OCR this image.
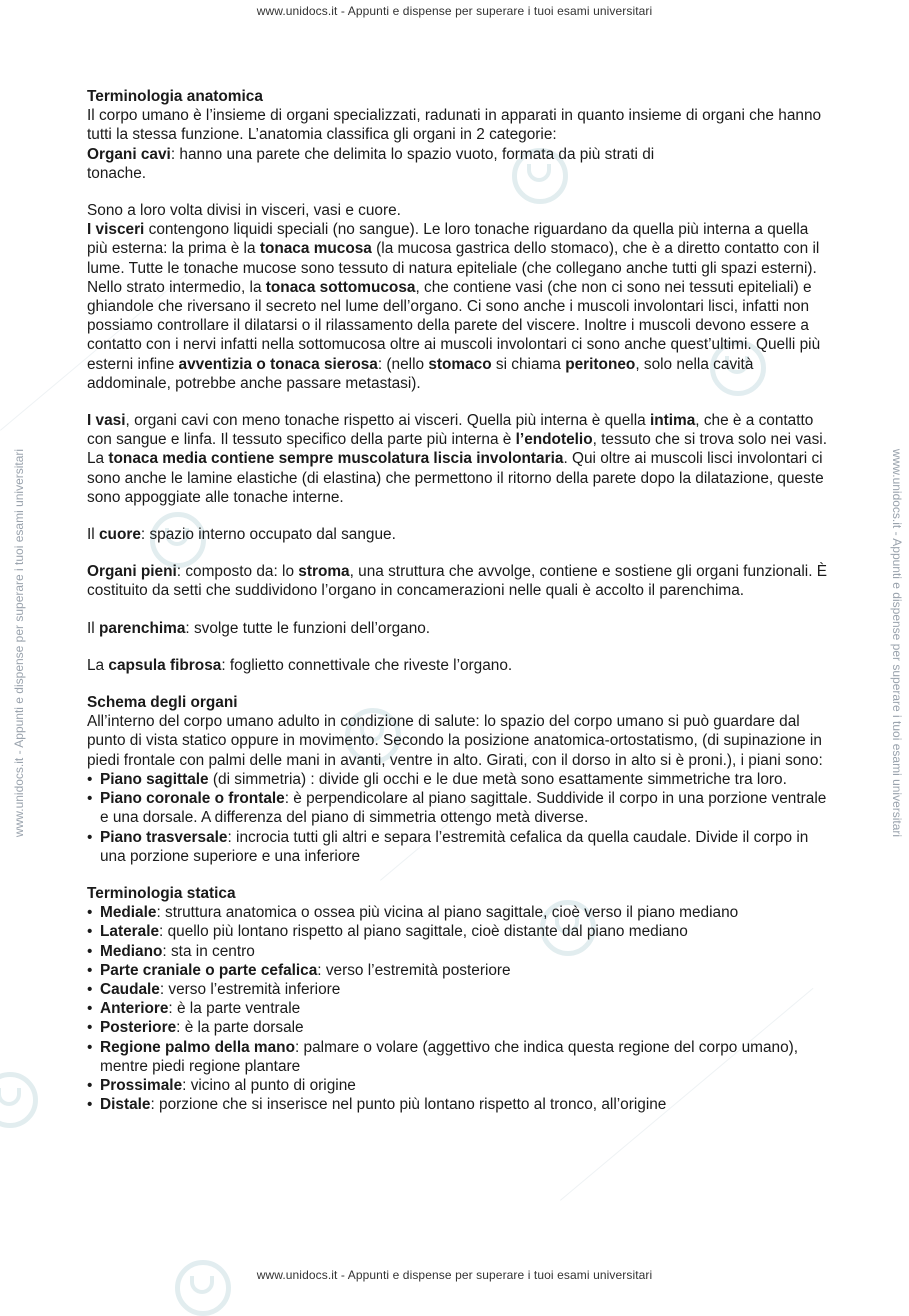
www.unidocs.it - Appunti e dispense per superare i tuoi esami universitari
www.unidocs.it - Appunti e dispense per superare i tuoi esami universitari
www.unidocs.it - Appunti e dispense per superare i tuoi esami universitari	www.unidocs.it - Appunti e dispense per superare i tuoi esami universitari
Terminologia anatomica
Il corpo umano è l’insieme di organi specializzati, radunati in apparati in quanto insieme di organi che hanno tutti la stessa funzione. L’anatomia classifica gli organi in 2 categorie:
Organi cavi: hanno una parete che delimita lo spazio vuoto, formata da più strati di tonache.
Sono a loro volta divisi in visceri, vasi e cuore.
I visceri contengono liquidi speciali (no sangue). Le loro tonache riguardano da quella più interna a quella più esterna: la prima è la tonaca mucosa (la mucosa gastrica dello stomaco), che è a diretto contatto con il lume. Tutte le tonache mucose sono tessuto di natura epiteliale (che collegano anche tutti gli spazi esterni). Nello strato intermedio, la tonaca sottomucosa, che contiene vasi (che non ci sono nei tessuti epiteliali) e ghiandole che riversano il secreto nel lume dell’organo. Ci sono anche i muscoli involontari lisci, infatti non possiamo controllare il dilatarsi o il rilassamento della parete del viscere. Inoltre i muscoli devono essere a contatto con i nervi infatti nella sottomucosa oltre ai muscoli involontari ci sono anche quest’ultimi. Quelli più esterni infine avventizia o tonaca sierosa: (nello stomaco si chiama peritoneo, solo nella cavità addominale, potrebbe anche passare metastasi).
I vasi, organi cavi con meno tonache rispetto ai visceri. Quella più interna è quella intima, che è a contatto con sangue e linfa. Il tessuto specifico della parte più interna è l’endotelio, tessuto che si trova solo nei vasi. La tonaca media contiene sempre muscolatura liscia involontaria. Qui oltre ai muscoli lisci involontari ci sono anche le lamine elastiche (di elastina) che permettono il ritorno della parete dopo la dilatazione, queste sono appoggiate alle tonache interne.
Il cuore: spazio interno occupato dal sangue.
Organi pieni: composto da: lo stroma, una struttura che avvolge, contiene e sostiene gli organi funzionali. È costituito da setti che suddividono l’organo in concamerazioni nelle quali è accolto il parenchima.
Il parenchima: svolge tutte le funzioni dell’organo.
La capsula fibrosa: foglietto connettivale che riveste l’organo.
Schema degli organi
All’interno del corpo umano adulto in condizione di salute: lo spazio del corpo umano si può guardare dal punto di vista statico oppure in movimento. Secondo la posizione anatomica-ortostatismo, (di supinazione in piedi frontale con palmi delle mani in avanti, ventre in alto. Girati, con il dorso in alto si è proni.), i piani sono:
• Piano sagittale (di simmetria) : divide gli occhi e le due metà sono esattamente simmetriche tra loro.
• Piano coronale o frontale: è perpendicolare al piano sagittale. Suddivide il corpo in una porzione ventrale e una dorsale. A differenza del piano di simmetria ottengo metà diverse.
• Piano trasversale: incrocia tutti gli altri e separa l’estremità cefalica da quella caudale. Divide il corpo in una porzione superiore e una inferiore
Terminologia statica
• Mediale: struttura anatomica o ossea più vicina al piano sagittale, cioè verso il piano mediano
• Laterale: quello più lontano rispetto al piano sagittale, cioè distante dal piano mediano
• Mediano: sta in centro
• Parte craniale o parte cefalica: verso l’estremità posteriore
• Caudale: verso l’estremità inferiore
• Anteriore: è la parte ventrale
• Posteriore: è la parte dorsale
• Regione palmo della mano: palmare o volare (aggettivo che indica questa regione del corpo umano), mentre piedi regione plantare
• Prossimale: vicino al punto di origine
• Distale: porzione che si inserisce nel punto più lontano rispetto al tronco, all’origine
